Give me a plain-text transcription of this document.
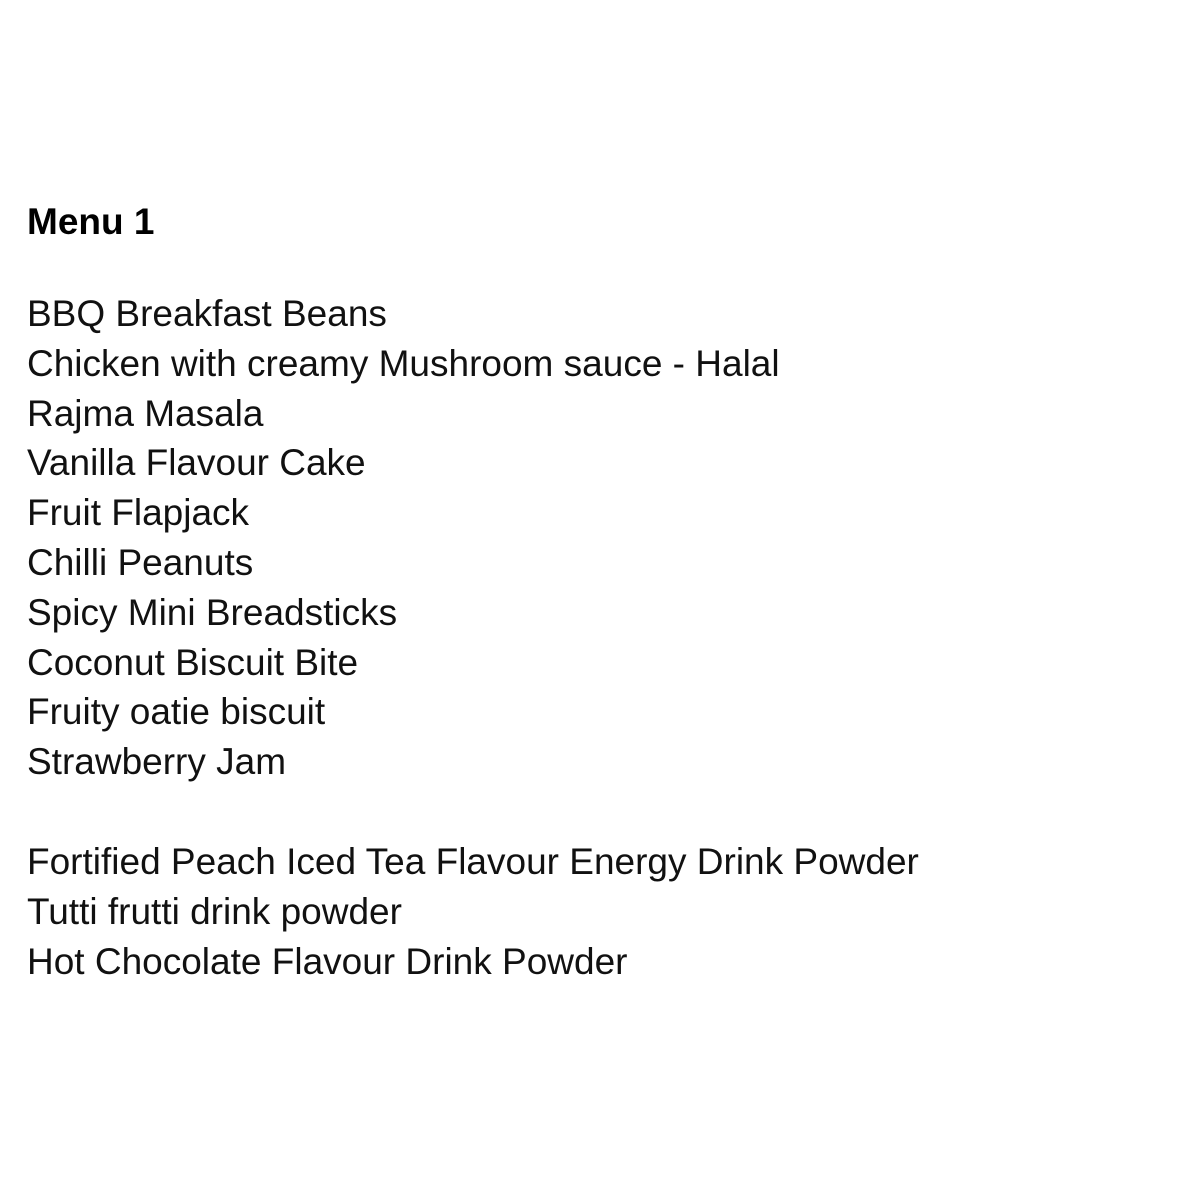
Menu 1
BBQ Breakfast Beans
Chicken with creamy Mushroom sauce - Halal
Rajma Masala
Vanilla Flavour Cake
Fruit Flapjack
Chilli Peanuts
Spicy Mini Breadsticks
Coconut Biscuit Bite
Fruity oatie biscuit
Strawberry Jam
Fortified Peach Iced Tea Flavour Energy Drink Powder
Tutti frutti drink powder
Hot Chocolate Flavour Drink Powder
